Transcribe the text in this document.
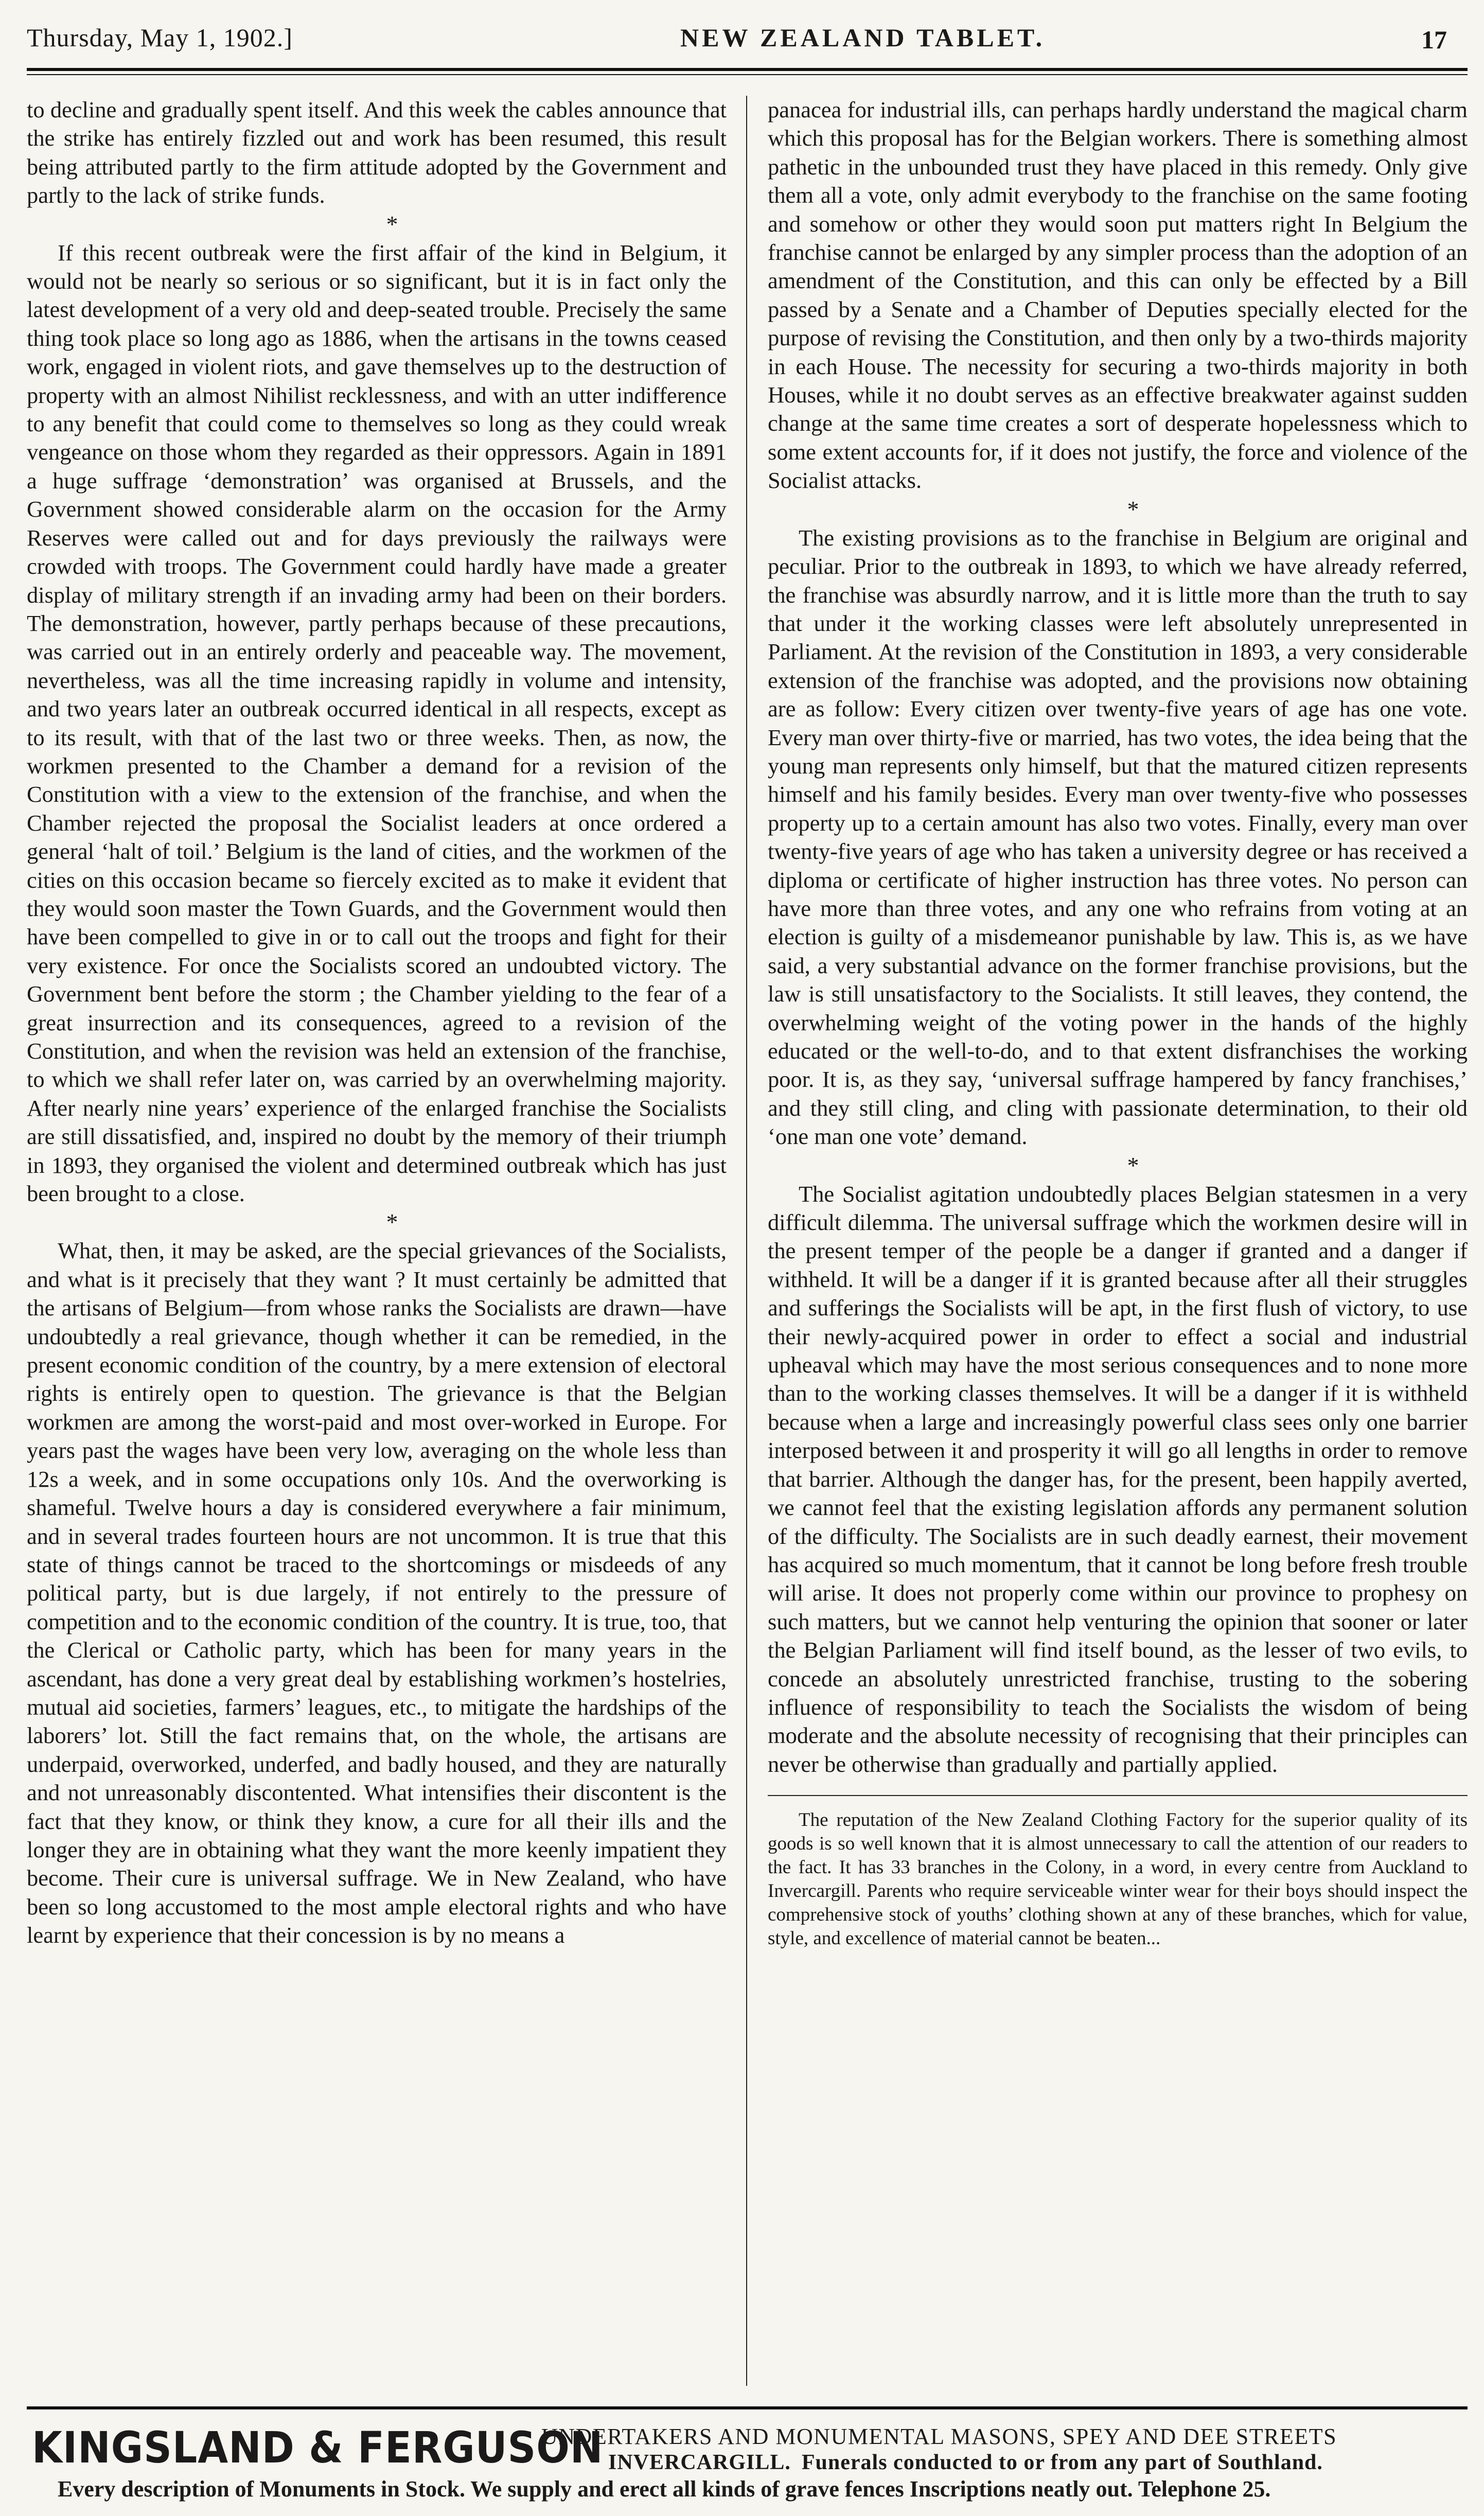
Thursday, May 1, 1902.]	NEW ZEALAND TABLET.	17

to decline and gradually spent itself. And this week the cables announce that the strike has entirely fizzled out and work has been resumed, this result being attributed partly to the firm attitude adopted by the Government and partly to the lack of strike funds.

*

If this recent outbreak were the first affair of the kind in Belgium, it would not be nearly so serious or so significant, but it is in fact only the latest development of a very old and deep-seated trouble. Precisely the same thing took place so long ago as 1886, when the artisans in the towns ceased work, engaged in violent riots, and gave themselves up to the destruction of property with an almost Nihilist recklessness, and with an utter indifference to any benefit that could come to themselves so long as they could wreak vengeance on those whom they regarded as their oppressors. Again in 1891 a huge suffrage ‘demonstration’ was organised at Brussels, and the Government showed considerable alarm on the occasion for the Army Reserves were called out and for days previously the railways were crowded with troops. The Government could hardly have made a greater display of military strength if an invading army had been on their borders. The demonstration, however, partly perhaps because of these precautions, was carried out in an entirely orderly and peaceable way. The movement, nevertheless, was all the time increasing rapidly in volume and intensity, and two years later an outbreak occurred identical in all respects, except as to its result, with that of the last two or three weeks. Then, as now, the workmen presented to the Chamber a demand for a revision of the Constitution with a view to the extension of the franchise, and when the Chamber rejected the proposal the Socialist leaders at once ordered a general ‘halt of toil.’ Belgium is the land of cities, and the workmen of the cities on this occasion became so fiercely excited as to make it evident that they would soon master the Town Guards, and the Government would then have been compelled to give in or to call out the troops and fight for their very existence. For once the Socialists scored an undoubted victory. The Government bent before the storm ; the Chamber yielding to the fear of a great insurrection and its consequences, agreed to a revision of the Constitution, and when the revision was held an extension of the franchise, to which we shall refer later on, was carried by an overwhelming majority. After nearly nine years’ experience of the enlarged franchise the Socialists are still dissatisfied, and, inspired no doubt by the memory of their triumph in 1893, they organised the violent and determined outbreak which has just been brought to a close.

*

What, then, it may be asked, are the special grievances of the Socialists, and what is it precisely that they want ? It must certainly be admitted that the artisans of Belgium—from whose ranks the Socialists are drawn—have undoubtedly a real grievance, though whether it can be remedied, in the present economic condition of the country, by a mere extension of electoral rights is entirely open to question. The grievance is that the Belgian workmen are among the worst-paid and most over-worked in Europe. For years past the wages have been very low, averaging on the whole less than 12s a week, and in some occupations only 10s. And the overworking is shameful. Twelve hours a day is considered everywhere a fair minimum, and in several trades fourteen hours are not uncommon. It is true that this state of things cannot be traced to the shortcomings or misdeeds of any political party, but is due largely, if not entirely to the pressure of competition and to the economic condition of the country. It is true, too, that the Clerical or Catholic party, which has been for many years in the ascendant, has done a very great deal by establishing workmen’s hostelries, mutual aid societies, farmers’ leagues, etc., to mitigate the hardships of the laborers’ lot. Still the fact remains that, on the whole, the artisans are underpaid, overworked, underfed, and badly housed, and they are naturally and not unreasonably discontented. What intensifies their discontent is the fact that they know, or think they know, a cure for all their ills and the longer they are in obtaining what they want the more keenly impatient they become. Their cure is universal suffrage. We in New Zealand, who have been so long accustomed to the most ample electoral rights and who have learnt by experience that their concession is by no means a

panacea for industrial ills, can perhaps hardly understand the magical charm which this proposal has for the Belgian workers. There is something almost pathetic in the unbounded trust they have placed in this remedy. Only give them all a vote, only admit everybody to the franchise on the same footing and somehow or other they would soon put matters right In Belgium the franchise cannot be enlarged by any simpler process than the adoption of an amendment of the Constitution, and this can only be effected by a Bill passed by a Senate and a Chamber of Deputies specially elected for the purpose of revising the Constitution, and then only by a two-thirds majority in each House. The necessity for securing a two-thirds majority in both Houses, while it no doubt serves as an effective breakwater against sudden change at the same time creates a sort of desperate hopelessness which to some extent accounts for, if it does not justify, the force and violence of the Socialist attacks.

*

The existing provisions as to the franchise in Belgium are original and peculiar. Prior to the outbreak in 1893, to which we have already referred, the franchise was absurdly narrow, and it is little more than the truth to say that under it the working classes were left absolutely unrepresented in Parliament. At the revision of the Constitution in 1893, a very considerable extension of the franchise was adopted, and the provisions now obtaining are as follow: Every citizen over twenty-five years of age has one vote. Every man over thirty-five or married, has two votes, the idea being that the young man represents only himself, but that the matured citizen represents himself and his family besides. Every man over twenty-five who possesses property up to a certain amount has also two votes. Finally, every man over twenty-five years of age who has taken a university degree or has received a diploma or certificate of higher instruction has three votes. No person can have more than three votes, and any one who refrains from voting at an election is guilty of a misdemeanor punishable by law. This is, as we have said, a very substantial advance on the former franchise provisions, but the law is still unsatisfactory to the Socialists. It still leaves, they contend, the overwhelming weight of the voting power in the hands of the highly educated or the well-to-do, and to that extent disfranchises the working poor. It is, as they say, ‘universal suffrage hampered by fancy franchises,’ and they still cling, and cling with passionate determination, to their old ‘one man one vote’ demand.

*

The Socialist agitation undoubtedly places Belgian statesmen in a very difficult dilemma. The universal suffrage which the workmen desire will in the present temper of the people be a danger if granted and a danger if withheld. It will be a danger if it is granted because after all their struggles and sufferings the Socialists will be apt, in the first flush of victory, to use their newly-acquired power in order to effect a social and industrial upheaval which may have the most serious consequences and to none more than to the working classes themselves. It will be a danger if it is withheld because when a large and increasingly powerful class sees only one barrier interposed between it and prosperity it will go all lengths in order to remove that barrier. Although the danger has, for the present, been happily averted, we cannot feel that the existing legislation affords any permanent solution of the difficulty. The Socialists are in such deadly earnest, their movement has acquired so much momentum, that it cannot be long before fresh trouble will arise. It does not properly come within our province to prophesy on such matters, but we cannot help venturing the opinion that sooner or later the Belgian Parliament will find itself bound, as the lesser of two evils, to concede an absolutely unrestricted franchise, trusting to the sobering influence of responsibility to teach the Socialists the wisdom of being moderate and the absolute necessity of recognising that their principles can never be otherwise than gradually and partially applied.

The reputation of the New Zealand Clothing Factory for the superior quality of its goods is so well known that it is almost unnecessary to call the attention of our readers to the fact. It has 33 branches in the Colony, in a word, in every centre from Auckland to Invercargill. Parents who require serviceable winter wear for their boys should inspect the comprehensive stock of youths’ clothing shown at any of these branches, which for value, style, and excellence of material cannot be beaten...

KINGSLAND & FERGUSON
UNDERTAKERS AND MONUMENTAL MASONS, SPEY AND DEE STREETS
INVERCARGILL. Funerals conducted to or from any part of Southland.
Every description of Monuments in Stock. We supply and erect all kinds of grave fences Inscriptions neatly out. Telephone 25.
